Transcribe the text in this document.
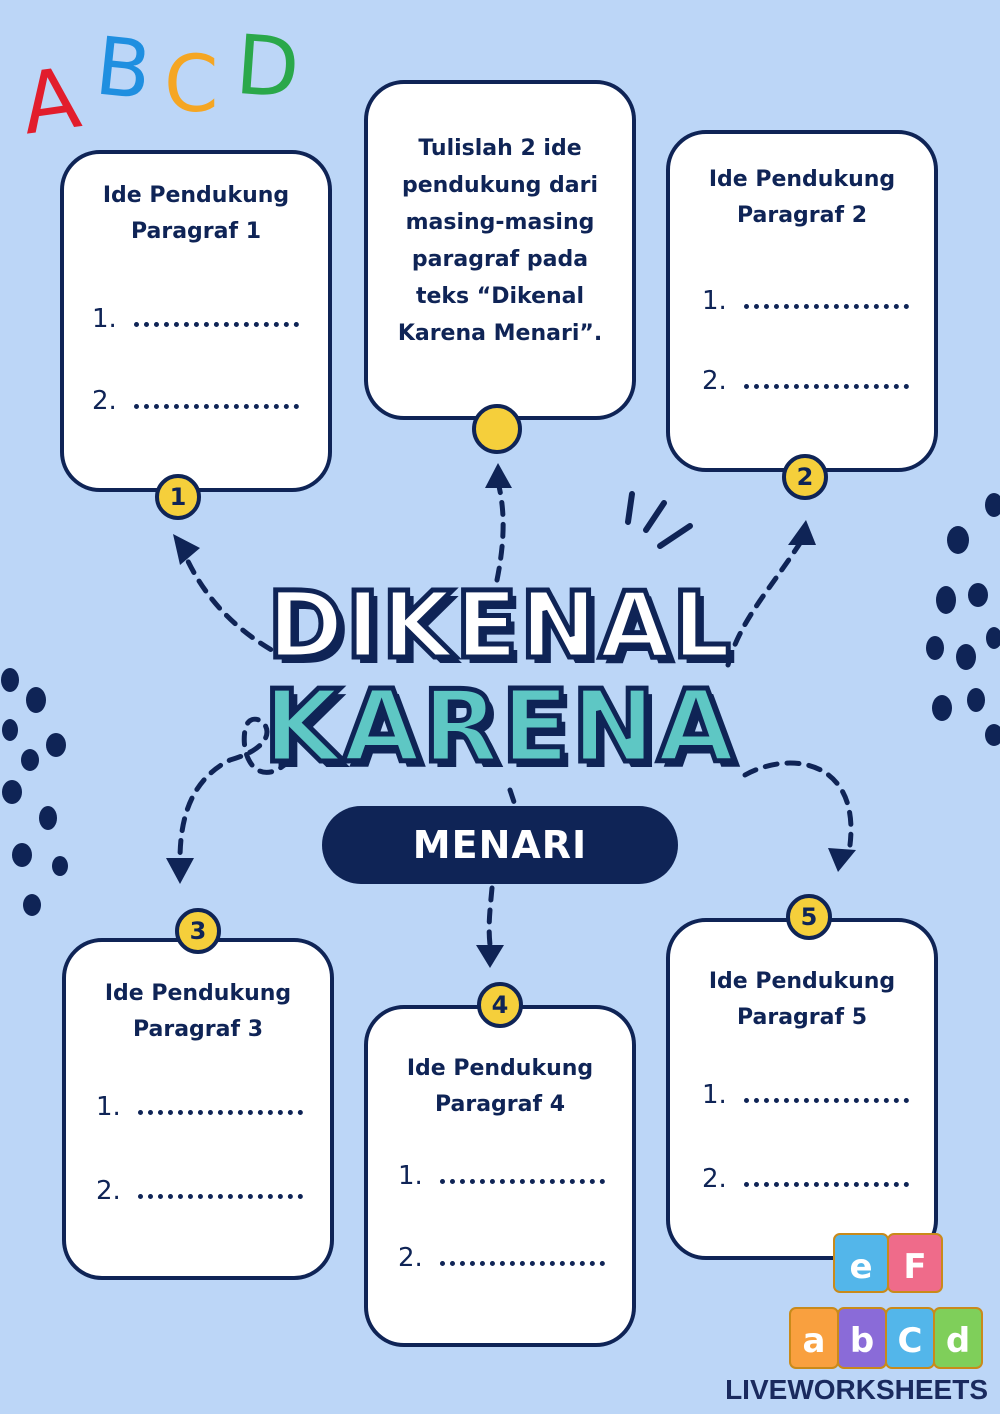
A B C D
Tulislah 2 ide
pendukung dari
masing-masing
paragraf pada
teks “Dikenal
Karena Menari”.
Ide Pendukung
Paragraf 1
1.
2.
1
Ide Pendukung
Paragraf 2
1.
2.
2
DIKENAL
KARENA
MENARI
Ide Pendukung
Paragraf 3
1.
2.
3
Ide Pendukung
Paragraf 4
1.
2.
4
Ide Pendukung
Paragraf 5
1.
2.
5
e F
a b C d
LIVEWORKSHEETS
